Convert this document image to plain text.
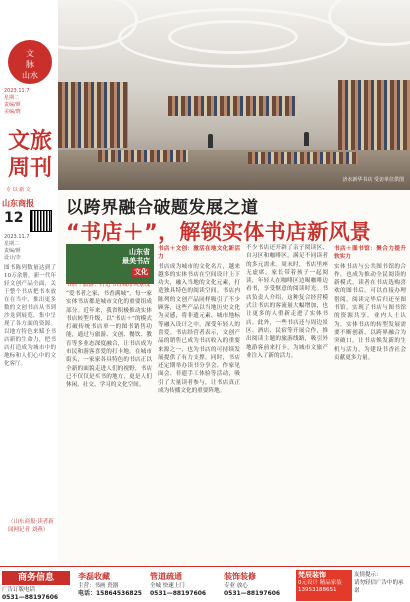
文
脉
山水
2023.11.7
星期二
责编/颜
美编/晓
文旅
周刊
专 以 新 文
山东商报
12
2023.11.7
星期二
责编/颜
设计/李
图书陈列数量达到了10万余册，新一代年轻文创产品全面，关于整个书店把书本放在在当中，推出更多数的文创书店从书到沙龙到展览，集中呈现了各方面的资源。以地方特色来赋予书店新的生命力，把书店打造成为城市中的地标和人们心中的文化客厅。
（山东商报·读者新闻网记者 刘燕）
济水新华书店 受访单位供图
以跨界融合破题发展之道
“书店＋”，解锁实体书店新风景
山东省
最美书店
文化
书店＋旅游：打造书香城市风景线
“爱书者之家，书香满城”，每一家实体书店都是城市文化的重要组成部分。近年来，我省积极推动实体书店转型升级，以“书店＋”的模式打破传统书店单一的图书销售功能，通过与旅游、文创、餐饮、教育等多业态深度融合，让书店成为市民和游客喜爱的打卡地。在城市街头，一家家各具特色的书店正以全新的面貌走进人们的视野，书店已不仅仅是买书的地方，更是人们休闲、社交、学习的文化空间。
书店＋文创：激活在地文化新活力
书店成为城市的文化名片，越来越多的实体书店在空间设计上下功夫，融入当地的文化元素，打造独具特色的阅读空间。书店内陈列的文创产品同样吸引了不少顾客，这些产品以当地历史文化为灵感，将非遗元素、城市地标等融入设计之中，深受年轻人的喜爱。书店经营者表示，文创产品的销售已成为书店收入的重要来源之一，也为书店的可持续发展提供了有力支撑。同时，书店还定期举办读书分享会、作家见面会、非遗手工体验等活动，吸引了大量读者参与，让书店真正成为传播文化的重要阵地。
不少书店还开辟了亲子阅读区、自习区和咖啡区，满足不同读者的多元需求。周末时，书店里座无虚席，家长带着孩子一起阅读，年轻人在咖啡区边喝咖啡边看书，享受惬意的阅读时光。书店负责人介绍，这种复合经营模式让书店的客流量大幅增加，也让更多的人重新走进了实体书店。此外，一些书店还与周边景区、酒店、民宿等开展合作，推出阅读主题的旅游线路，吸引外地游客前来打卡，为城市文旅产业注入了新的活力。
书店＋图书馆：聚合力提升软实力
实体书店与公共图书馆的合作，也成为推动全民阅读的新模式。读者在书店选购喜欢的图书后，可以直接办理借阅，阅读完毕后归还至图书馆，实现了书店与图书馆的资源共享。业内人士认为，实体书店的转型发展需要不断创新，以跨界融合为突破口，让书店焕发新的生机与活力，为建设书香社会贡献更多力量。
商务信息

广告订版电话

0531—88197606

李磊收藏

主营：书画 瓷器

电话：15864536825

管道疏通

全城 快速上门

0531—88197606

装饰装修

专业 放心

0531—88197606

梵辰装饰
0元设计 精品家装
13953188651
友情提示：
请勿轻信广告中的承诺
